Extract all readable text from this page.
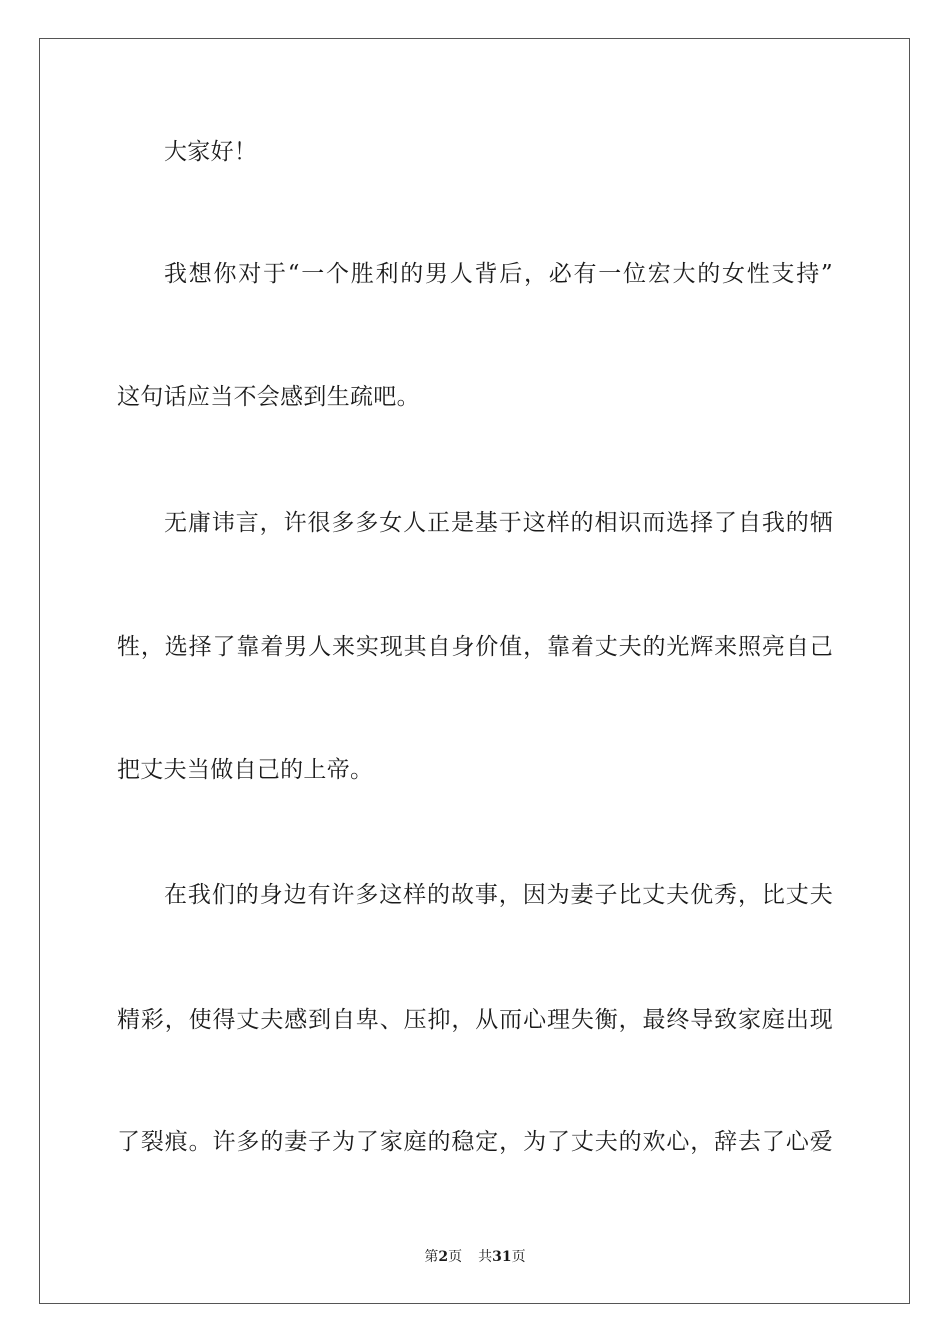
大家好！
我想你对于“一个胜利的男人背后，必有一位宏大的女性支持”
这句话应当不会感到生疏吧。
无庸讳言，许很多多女人正是基于这样的相识而选择了自我的牺
牲，选择了靠着男人来实现其自身价值，靠着丈夫的光辉来照亮自己
把丈夫当做自己的上帝。
在我们的身边有许多这样的故事，因为妻子比丈夫优秀，比丈夫
精彩，使得丈夫感到自卑、压抑，从而心理失衡，最终导致家庭出现
了裂痕。许多的妻子为了家庭的稳定，为了丈夫的欢心，辞去了心爱
第2页 共31页
